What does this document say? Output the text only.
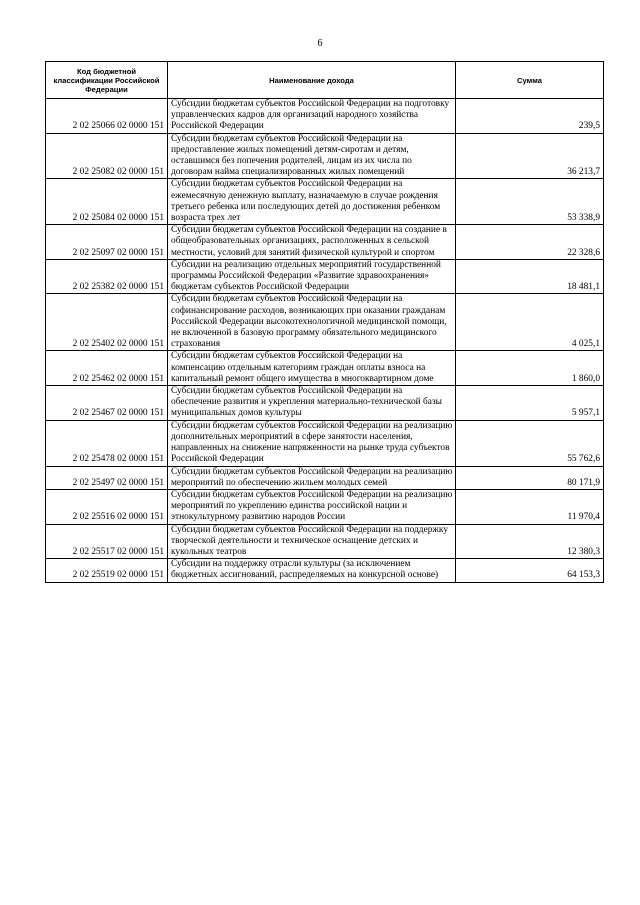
6
Код бюджетной классификации Российской Федерации	Наименование дохода	Сумма
2 02 25066 02 0000 151	Субсидии бюджетам субъектов Российской Федерации на подготовку управленческих кадров для организаций народного хозяйства Российской Федерации	239,5
2 02 25082 02 0000 151	Субсидии бюджетам субъектов Российской Федерации на предоставление жилых помещений детям-сиротам и детям, оставшимся без попечения родителей, лицам из их числа по договорам найма специализированных жилых помещений	36 213,7
2 02 25084 02 0000 151	Субсидии бюджетам субъектов Российской Федерации на ежемесячную денежную выплату, назначаемую в случае рождения третьего ребенка или последующих детей до достижения ребенком возраста трех лет	53 338,9
2 02 25097 02 0000 151	Субсидии бюджетам субъектов Российской Федерации на создание в общеобразовательных организациях, расположенных в сельской местности, условий для занятий физической культурой и спортом	22 328,6
2 02 25382 02 0000 151	Субсидии на реализацию отдельных мероприятий государственной программы Российской Федерации «Развитие здравоохранения» бюджетам субъектов Российской Федерации	18 481,1
2 02 25402 02 0000 151	Субсидии бюджетам субъектов Российской Федерации на софинансирование расходов, возникающих при оказании гражданам Российской Федерации высокотехнологичной медицинской помощи, не включенной в базовую программу обязательного медицинского страхования	4 025,1
2 02 25462 02 0000 151	Субсидии бюджетам субъектов Российской Федерации на компенсацию отдельным категориям граждан оплаты взноса на капитальный ремонт общего имущества в многоквартирном доме	1 860,0
2 02 25467 02 0000 151	Субсидии бюджетам субъектов Российской Федерации на обеспечение развития и укрепления материально-технической базы муниципальных домов культуры	5 957,1
2 02 25478 02 0000 151	Субсидии бюджетам субъектов Российской Федерации на реализацию дополнительных мероприятий в сфере занятости населения, направленных на снижение напряженности на рынке труда субъектов Российской Федерации	55 762,6
2 02 25497 02 0000 151	Субсидии бюджетам субъектов Российской Федерации на реализацию мероприятий по обеспечению жильем молодых семей	80 171,9
2 02 25516 02 0000 151	Субсидии бюджетам субъектов Российской Федерации на реализацию мероприятий по укреплению единства российской нации и этнокультурному развитию народов России	11 970,4
2 02 25517 02 0000 151	Субсидии бюджетам субъектов Российской Федерации на поддержку творческой деятельности и техническое оснащение детских и кукольных театров	12 380,3
2 02 25519 02 0000 151	Субсидии на поддержку отрасли культуры (за исключением бюджетных ассигнований, распределяемых на конкурсной основе)	64 153,3
